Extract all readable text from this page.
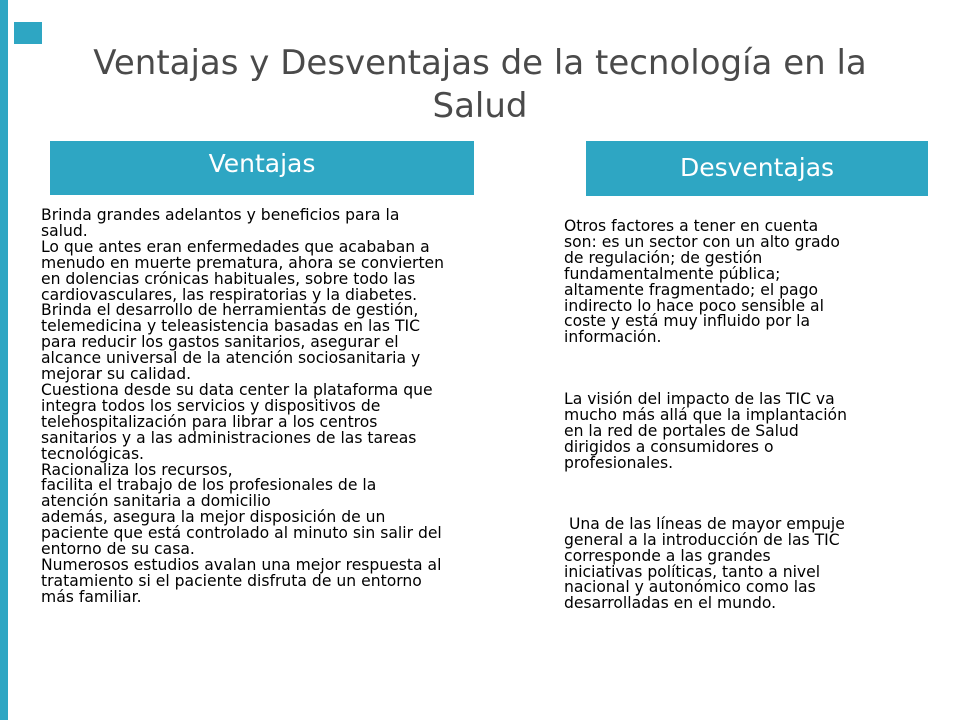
Ventajas y Desventajas de la tecnología en la Salud
Ventajas	Desventajas
Brinda grandes adelantos y beneficios para la
salud.
Lo que antes eran enfermedades que acababan a
menudo en muerte prematura, ahora se convierten
en dolencias crónicas habituales, sobre todo las
cardiovasculares, las respiratorias y la diabetes.
Brinda el desarrollo de herramientas de gestión,
telemedicina y teleasistencia basadas en las TIC
para reducir los gastos sanitarios, asegurar el
alcance universal de la atención sociosanitaria y
mejorar su calidad.
Cuestiona desde su data center la plataforma que
integra todos los servicios y dispositivos de
telehospitalización para librar a los centros
sanitarios y a las administraciones de las tareas
tecnológicas.
Racionaliza los recursos,
facilita el trabajo de los profesionales de la
atención sanitaria a domicilio
además, asegura la mejor disposición de un
paciente que está controlado al minuto sin salir del
entorno de su casa.
Numerosos estudios avalan una mejor respuesta al
tratamiento si el paciente disfruta de un entorno
más familiar.
Otros factores a tener en cuenta
son: es un sector con un alto grado
de regulación; de gestión
fundamentalmente pública;
altamente fragmentado; el pago
indirecto lo hace poco sensible al
coste y está muy influido por la
información.
La visión del impacto de las TIC va
mucho más allá que la implantación
en la red de portales de Salud
dirigidos a consumidores o
profesionales.
Una de las líneas de mayor empuje
general a la introducción de las TIC
corresponde a las grandes
iniciativas políticas, tanto a nivel
nacional y autonómico como las
desarrolladas en el mundo.
